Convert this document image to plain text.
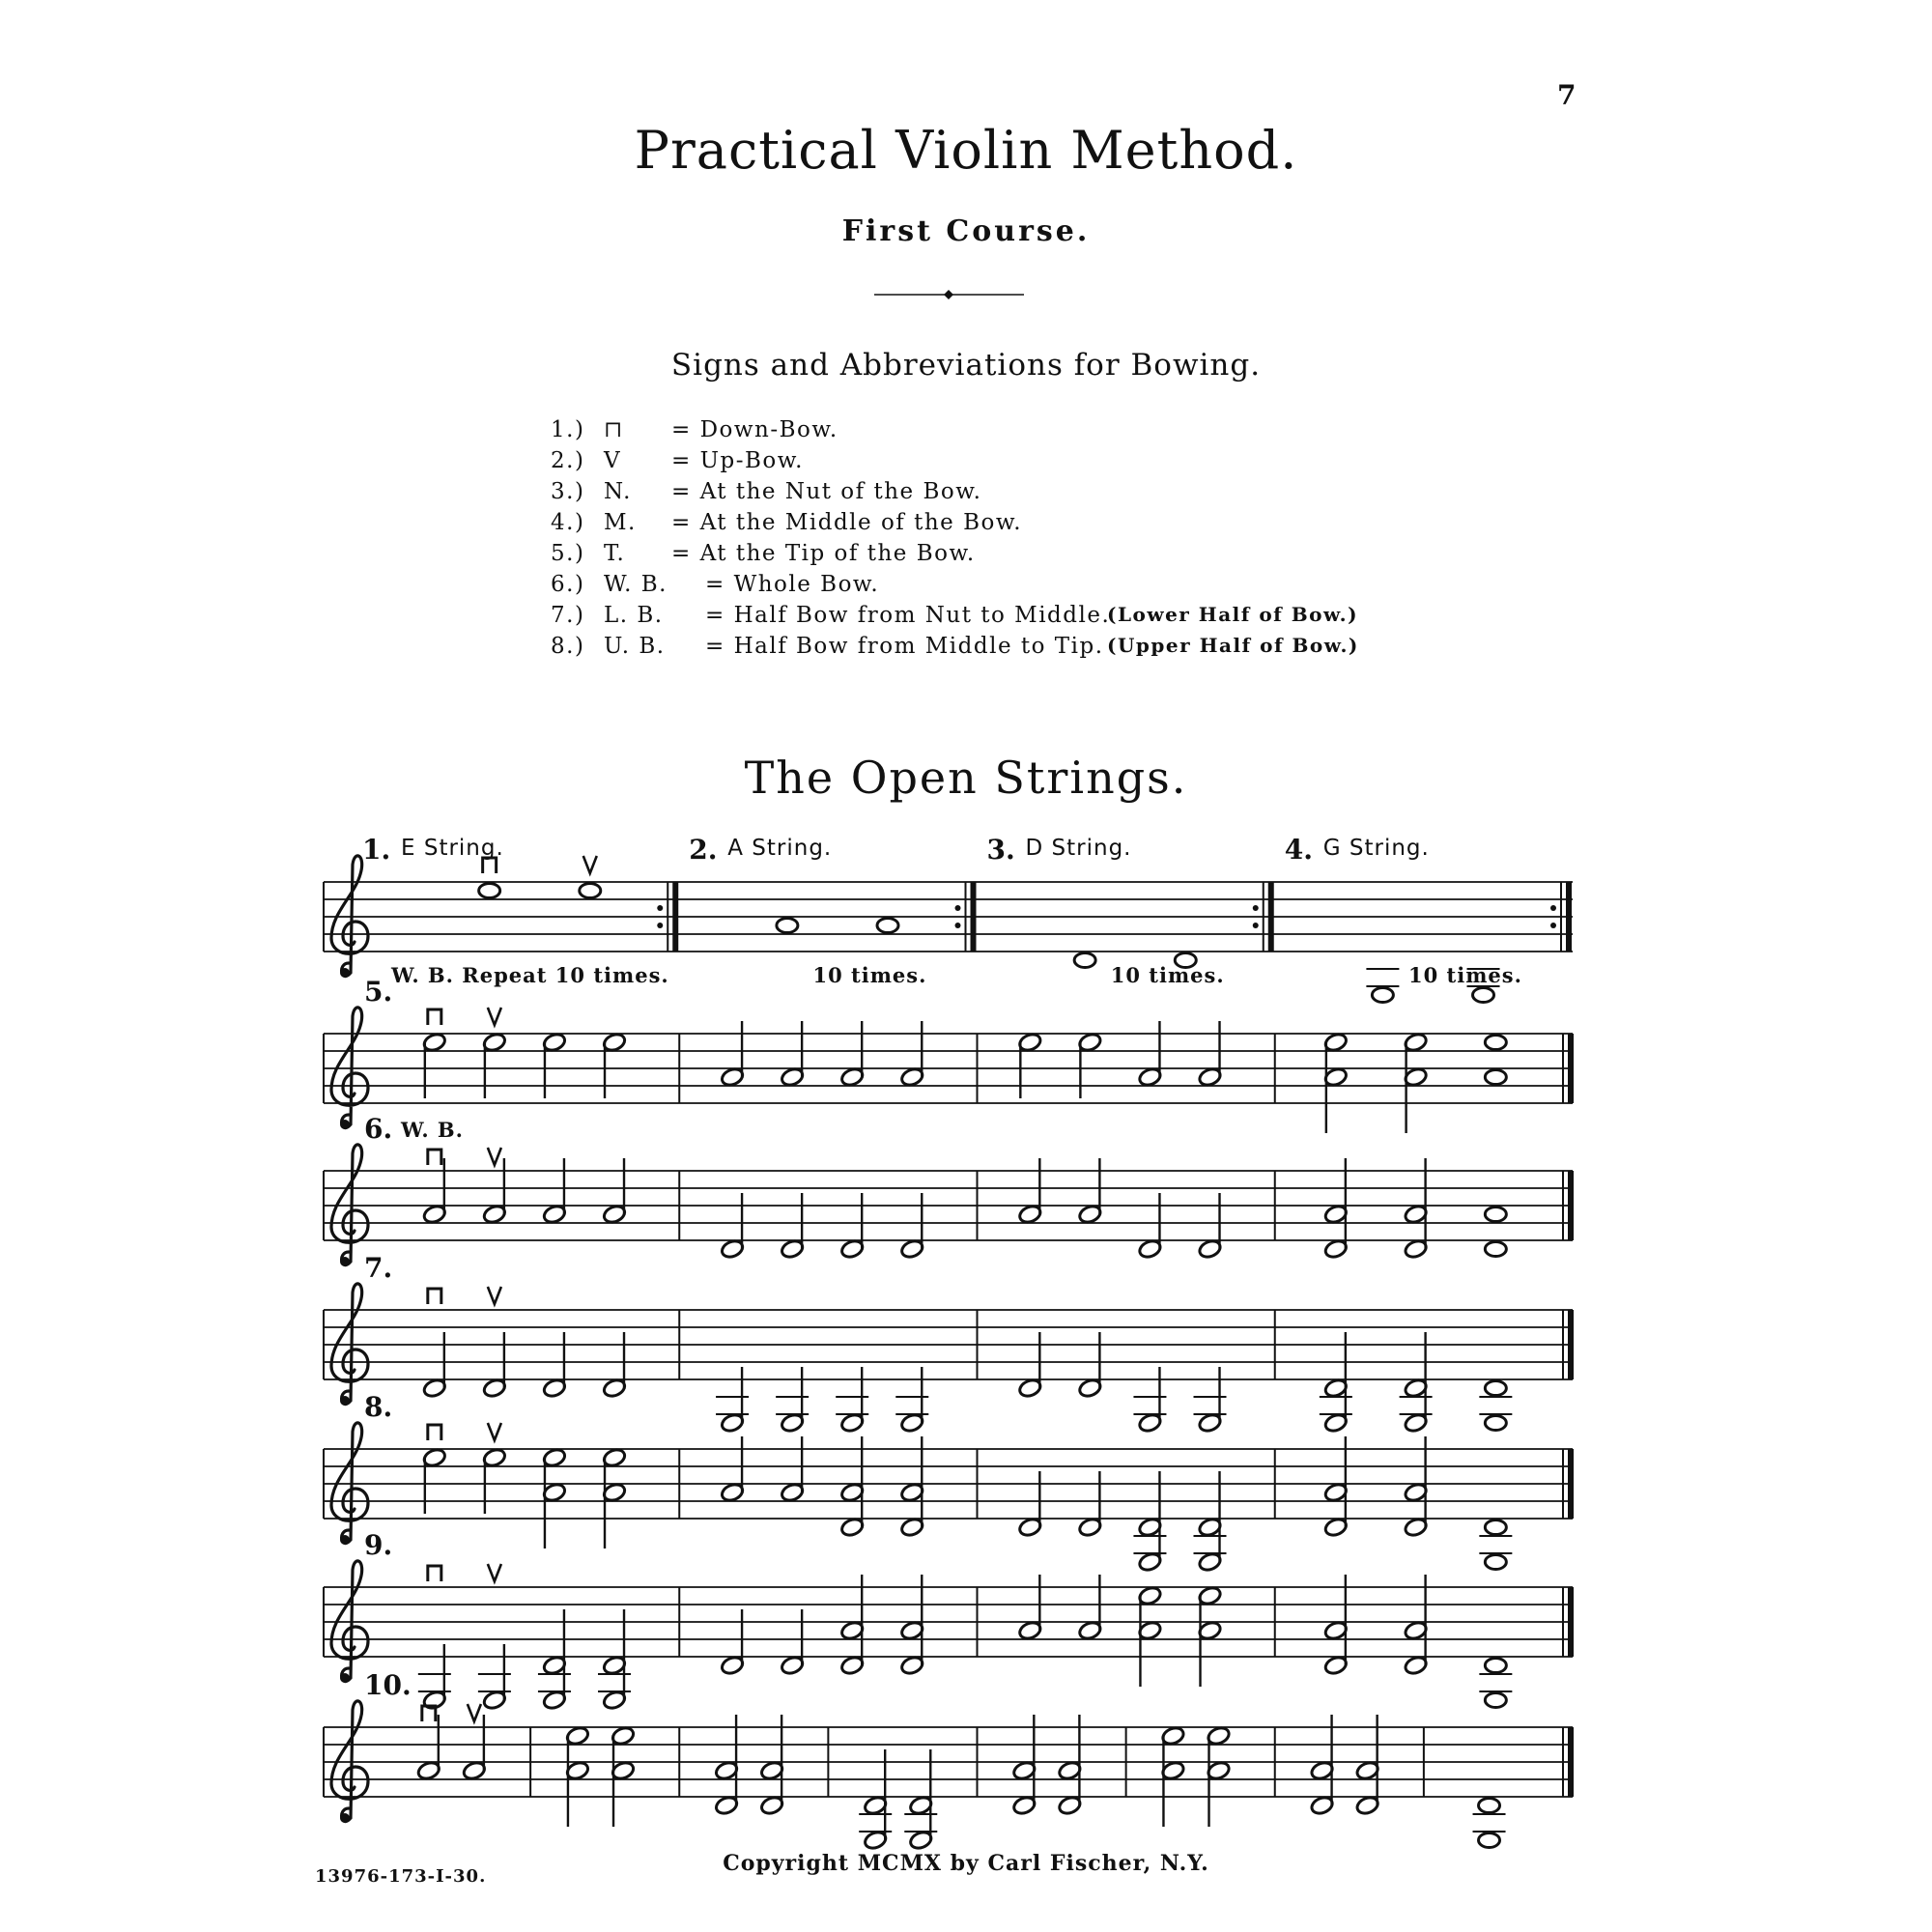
7
Practical Violin Method.
First Course.
Signs and Abbreviations for Bowing.
1.) ⊓ = Down-Bow.
2.) V = Up-Bow.
3.) N. = At the Nut of the Bow.
4.) M. = At the Middle of the Bow.
5.) T. = At the Tip of the Bow.
6.) W. B. = Whole Bow.
7.) L. B. = Half Bow from Nut to Middle.
(Lower Half of Bow.)
8.) U. B. = Half Bow from Middle to Tip. (Upper Half of Bow.)
The Open Strings.
1. E String.
W. B. Repeat 10 times.
2. A String.
10 times.
3. D String.
10 times.
4. G String.
10 times.
5.
W. B.
6.
7.
8.
9.
10.
Copyright MCMX by Carl Fischer, N.Y.
13976-173-I-30.
